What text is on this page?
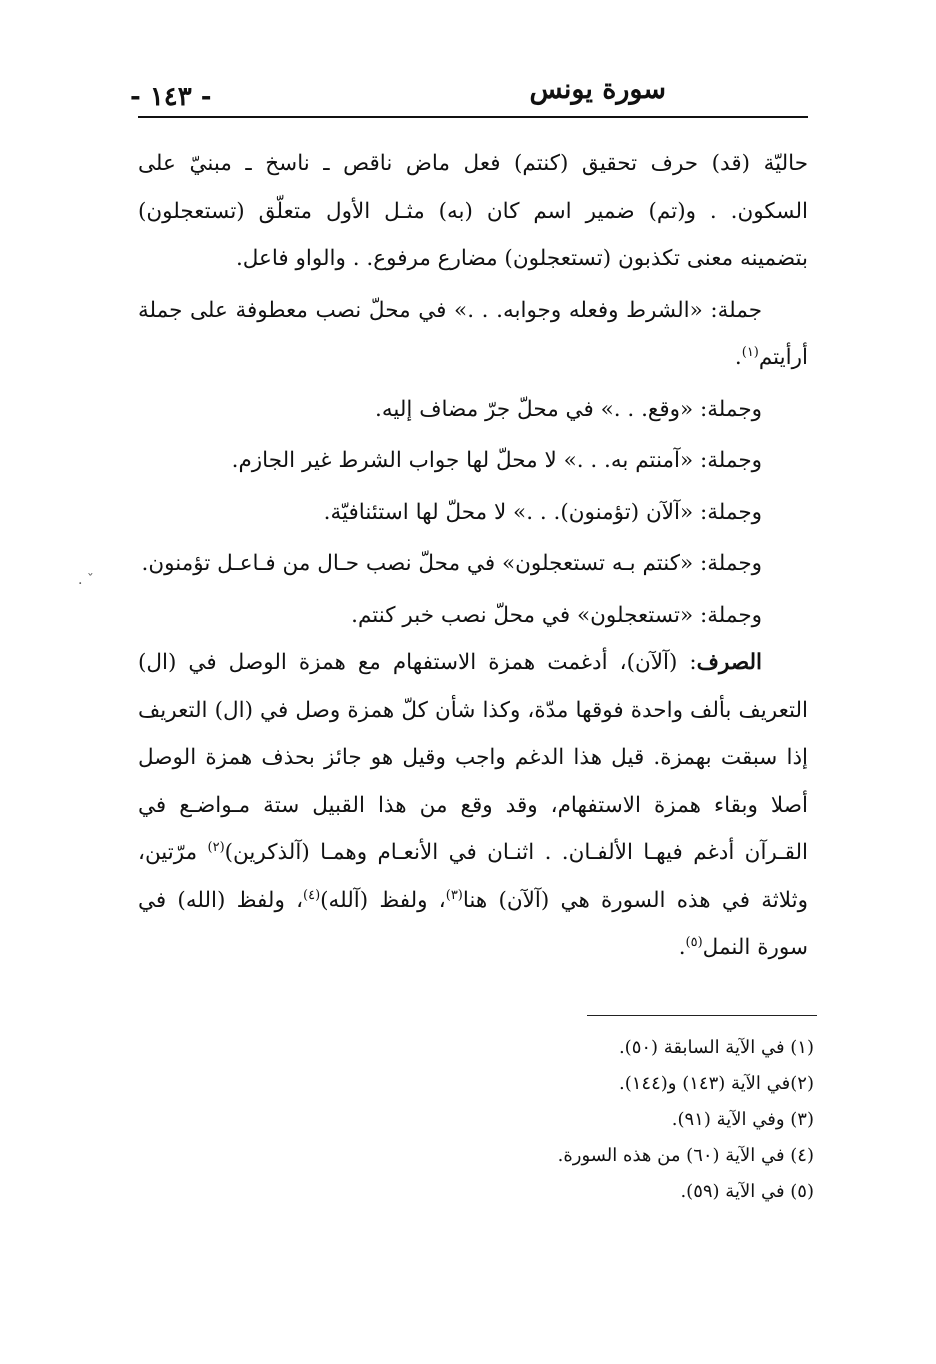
سورة يونس
- ١٤٣ -
. ˇ

حاليّة (قد) حرف تحقيق (كنتم) فعل ماض ناقص ـ ناسخ ـ مبنيّ على السكون. . و(تم) ضمير اسم كان (به) مثـل الأول متعلّق (تستعجلون) بتضمينه معنى تكذبون (تستعجلون) مضارع مرفوع. . والواو فاعل.

جملة: «الشرط وفعله وجوابه. . .» في محلّ نصب معطوفة على جملة أرأيتم$^{(١)}$.

وجملة: «وقع. . .» في محلّ جرّ مضاف إليه.

وجملة: «آمنتم به. . .» لا محلّ لها جواب الشرط غير الجازم.

وجملة: «آلآن (تؤمنون). . .» لا محلّ لها استئنافيّة.

وجملة: «كنتم بـه تستعجلون» في محلّ نصب حـال من فـاعـل تؤمنون.

وجملة: «تستعجلون» في محلّ نصب خبر كنتم.

الصرف: (آلآن)، أدغمت همزة الاستفهام مع همزة الوصل في (ال) التعريف بألف واحدة فوقها مدّة، وكذا شأن كلّ همزة وصل في (ال) التعريف إذا سبقت بهمزة. قيل هذا الدغم واجب وقيل هو جائز بحذف همزة الوصل أصلا وبقاء همزة الاستفهام، وقد وقع من هذا القبيل ستة مـواضـع في القـرآن أدغم فيهـا الألفـان. . اثنـان في الأنعـام وهمـا (آلذكرين)$^{(٢)}$ مرّتين، وثلاثة في هذه السورة هي (آلآن) هنا$^{(٣)}$، ولفظ (آلله)$^{(٤)}$، ولفظ (الله) في سورة النمل$^{(٥)}$.

(١) في الآية السابقة (٥٠).
(٢)في الآية (١٤٣) و(١٤٤).
(٣) وفي الآية (٩١).
(٤) في الآية (٦٠) من هذه السورة.
(٥) في الآية (٥٩).
